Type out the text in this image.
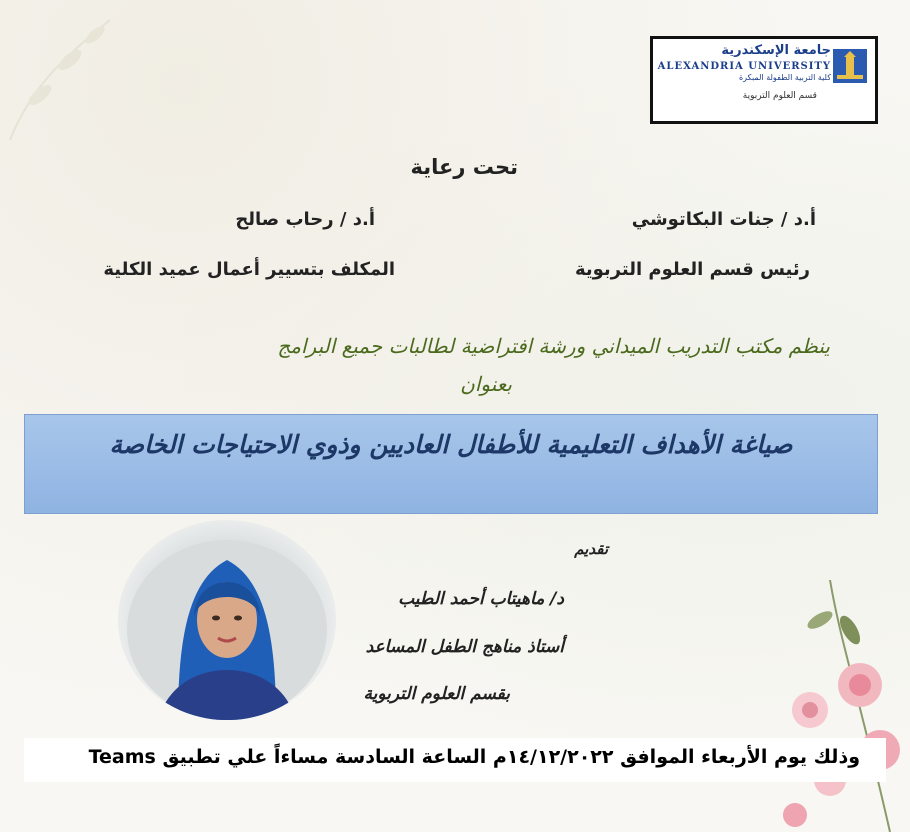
جامعة الإسكندرية
ALEXANDRIA UNIVERSITY
كلية التربية الطفولة المبكرة
قسم العلوم التربوية
تحت رعاية
أ.د / جنات البكاتوشي
أ.د / رحاب صالح
رئيس قسم العلوم التربوية
المكلف بتسيير أعمال عميد الكلية
ينظم مكتب التدريب الميداني ورشة افتراضية لطالبات جميع البرامج
بعنوان
صياغة الأهداف التعليمية للأطفال العاديين وذوي الاحتياجات الخاصة
تقديم
د/ ماهيتاب أحمد الطيب
أستاذ مناهج الطفل المساعد
بقسم العلوم التربوية
وذلك يوم الأربعاء الموافق ١٤/١٢/٢٠٢٢م الساعة السادسة مساءاً علي تطبيق Teams
